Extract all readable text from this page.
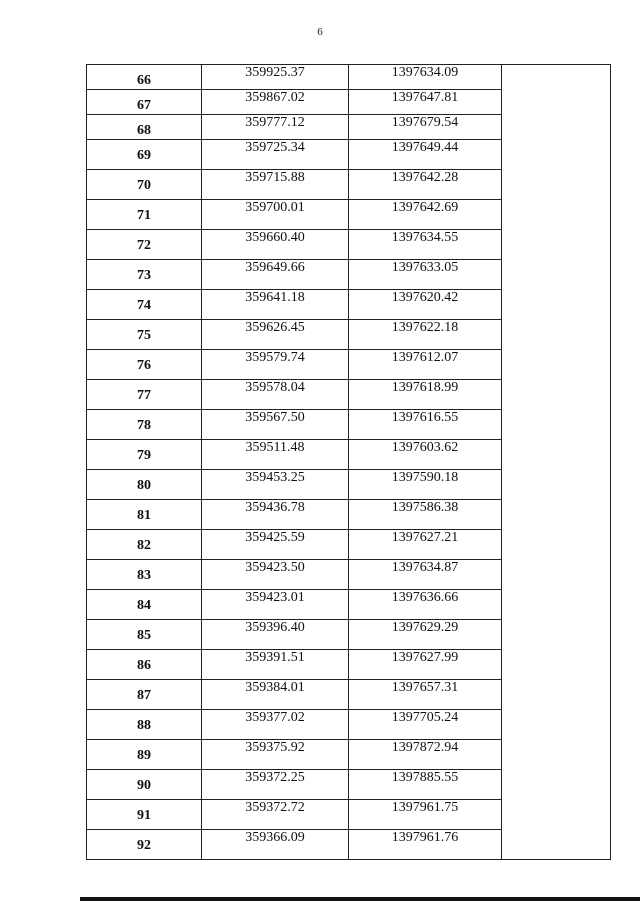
6
66	359925.37	1397634.09	
67	359867.02	1397647.81	
68	359777.12	1397679.54	
69	359725.34	1397649.44	
70	359715.88	1397642.28	
71	359700.01	1397642.69	
72	359660.40	1397634.55	
73	359649.66	1397633.05	
74	359641.18	1397620.42	
75	359626.45	1397622.18	
76	359579.74	1397612.07	
77	359578.04	1397618.99	
78	359567.50	1397616.55	
79	359511.48	1397603.62	
80	359453.25	1397590.18	
81	359436.78	1397586.38	
82	359425.59	1397627.21	
83	359423.50	1397634.87	
84	359423.01	1397636.66	
85	359396.40	1397629.29	
86	359391.51	1397627.99	
87	359384.01	1397657.31	
88	359377.02	1397705.24	
89	359375.92	1397872.94	
90	359372.25	1397885.55	
91	359372.72	1397961.75	
92	359366.09	1397961.76	
